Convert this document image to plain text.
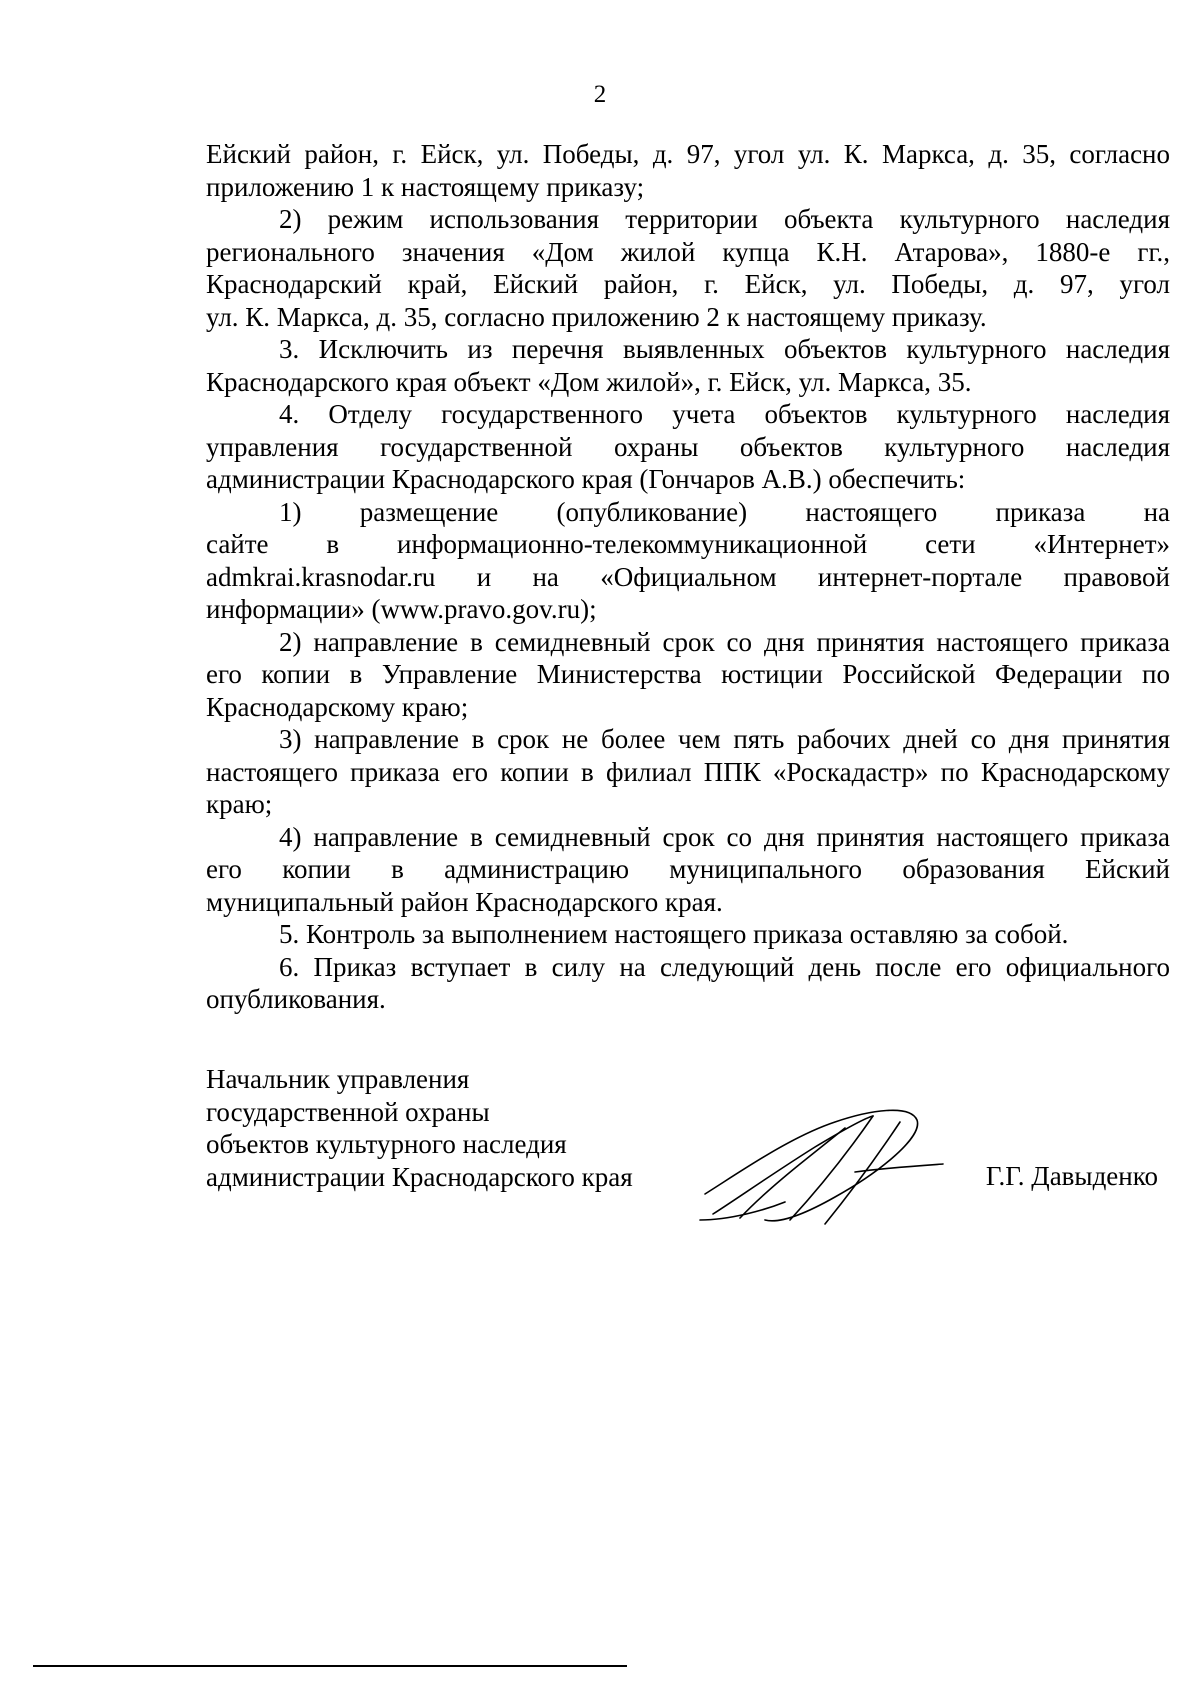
2
Ейский район, г. Ейск, ул. Победы, д. 97, угол ул. К. Маркса, д. 35, согласно
приложению 1 к настоящему приказу;
2) режим использования территории объекта культурного наследия
регионального значения «Дом жилой купца К.Н. Атарова», 1880-е гг.,
Краснодарский край, Ейский район, г. Ейск, ул. Победы, д. 97, угол
ул. К. Маркса, д. 35, согласно приложению 2 к настоящему приказу.
3. Исключить из перечня выявленных объектов культурного наследия
Краснодарского края объект «Дом жилой», г. Ейск, ул. Маркса, 35.
4. Отделу государственного учета объектов культурного наследия
управления государственной охраны объектов культурного наследия
администрации Краснодарского края (Гончаров А.В.) обеспечить:
1) размещение (опубликование) настоящего приказа на
сайте в информационно-телекоммуникационной сети «Интернет»
admkrai.krasnodar.ru и на «Официальном интернет-портале правовой
информации» (www.pravo.gov.ru);
2) направление в семидневный срок со дня принятия настоящего приказа
его копии в Управление Министерства юстиции Российской Федерации по
Краснодарскому краю;
3) направление в срок не более чем пять рабочих дней со дня принятия
настоящего приказа его копии в филиал ППК «Роскадастр» по Краснодарскому
краю;
4) направление в семидневный срок со дня принятия настоящего приказа
его копии в администрацию муниципального образования Ейский
муниципальный район Краснодарского края.
5. Контроль за выполнением настоящего приказа оставляю за собой.
6. Приказ вступает в силу на следующий день после его официального
опубликования.
Начальник управления
государственной охраны
объектов культурного наследия
администрации Краснодарского края	Г.Г. Давыденко
